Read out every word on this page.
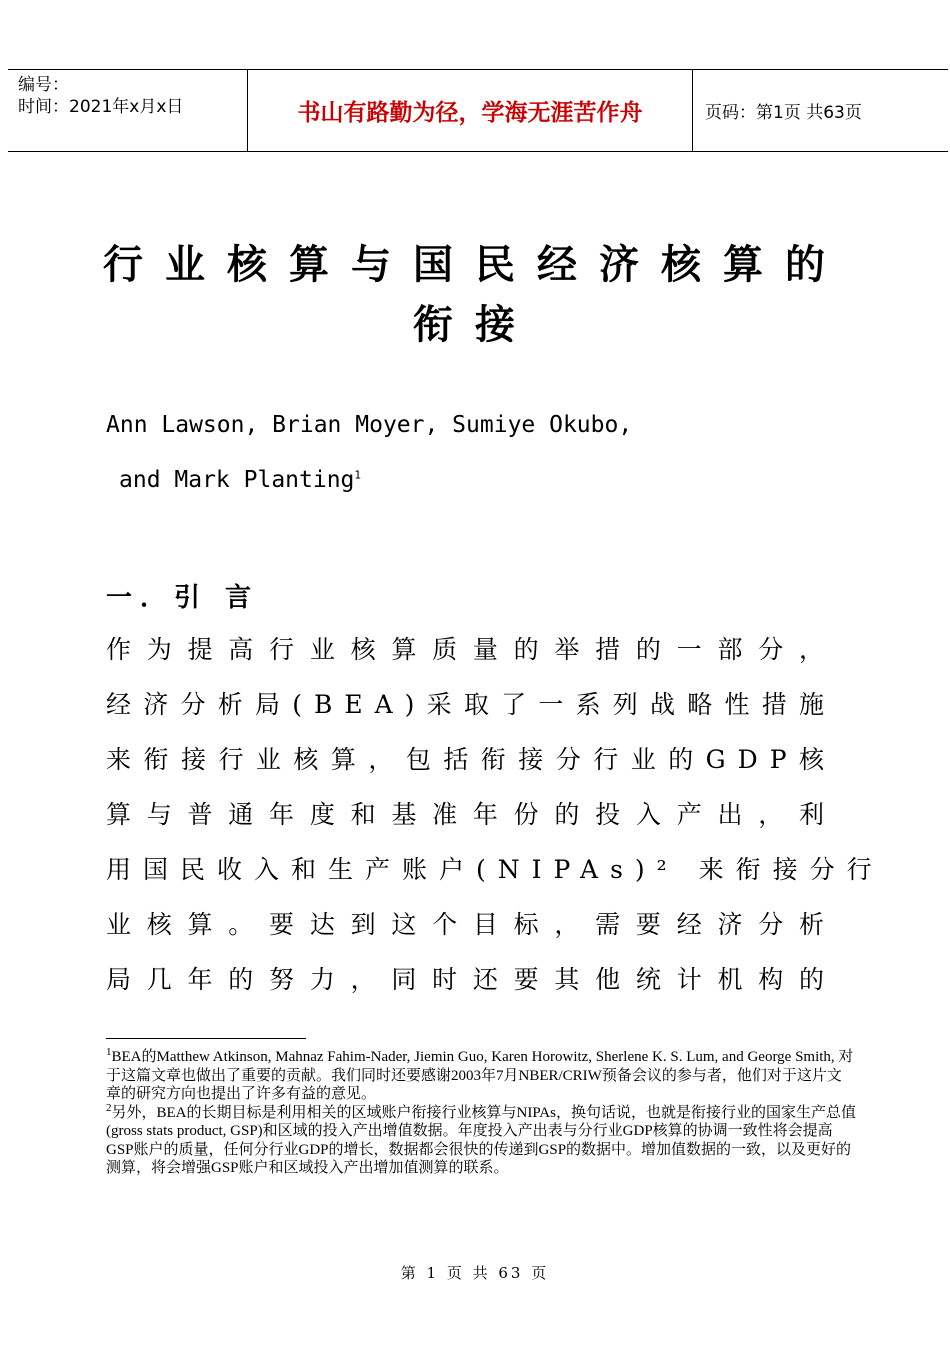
编号：
时间：2021年x月x日	书山有路勤为径，学海无涯苦作舟	页码：第1页 共63页
行业核算与国民经济核算的
衔接
Ann Lawson, Brian Moyer, Sumiye Okubo,
and Mark Planting$^1$
一．引 言
作为提高行业核算质量的举措的一部分，
经济分析局(BEA)采取了一系列战略性措施
来衔接行业核算，包括衔接分行业的GDP核
算与普通年度和基准年份的投入产出，利
用国民收入和生产账户(NIPAs)² 来衔接分行
业核算。要达到这个目标，需要经济分析
局几年的努力，同时还要其他统计机构的

$^1$BEA的Matthew Atkinson, Mahnaz Fahim-Nader, Jiemin Guo, Karen Horowitz, Sherlene K. S. Lum, and George Smith, 对于这篇文章也做出了重要的贡献。我们同时还要感谢2003年7月NBER/CRIW预备会议的参与者，他们对于这片文章的研究方向也提出了许多有益的意见。

$^2$另外，BEA的长期目标是利用相关的区域账户衔接行业核算与NIPAs，换句话说，也就是衔接行业的国家生产总值(gross stats product, GSP)和区域的投入产出增值数据。年度投入产出表与分行业GDP核算的协调一致性将会提高GSP账户的质量，任何分行业GDP的增长，数据都会很快的传递到GSP的数据中。增加值数据的一致，以及更好的测算，将会增强GSP账户和区域投入产出增加值测算的联系。

第 1 页 共 63 页
